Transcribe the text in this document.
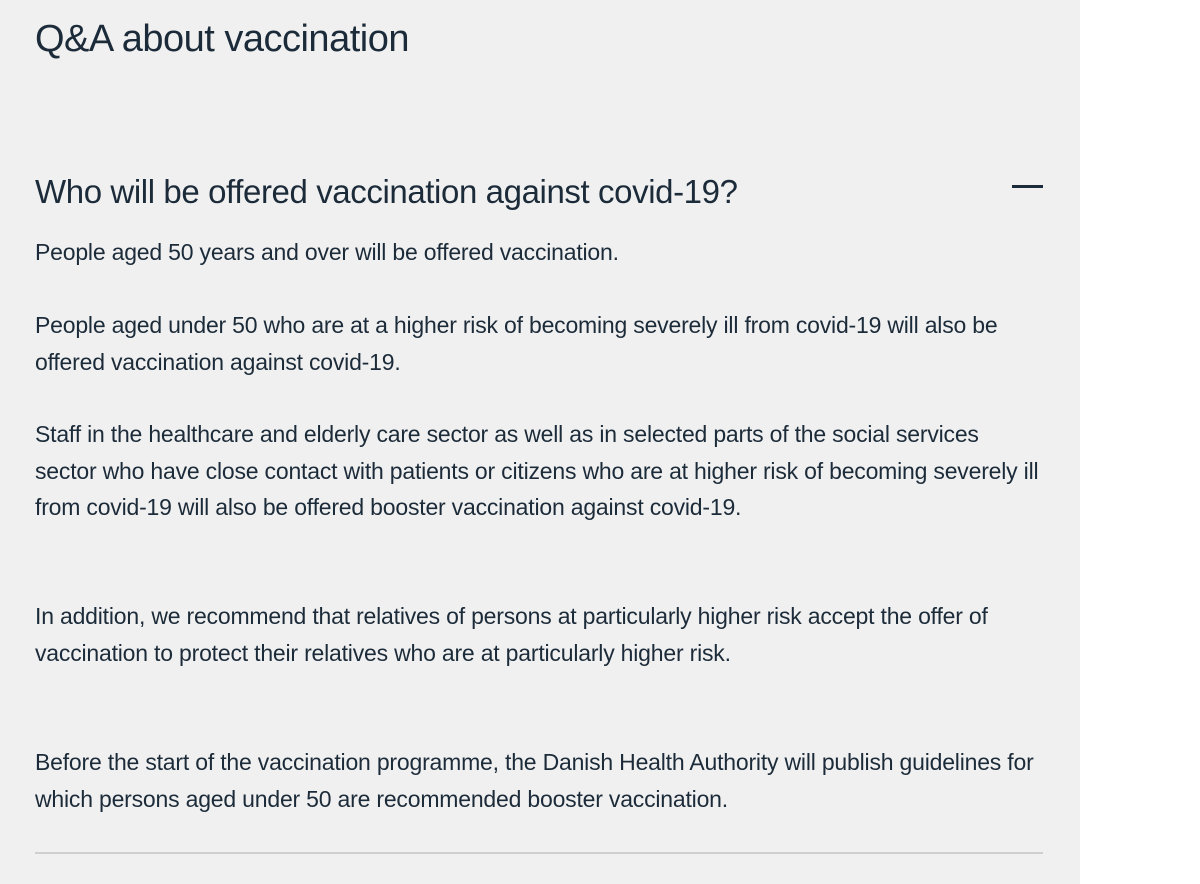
Q&A about vaccination
Who will be offered vaccination against covid-19?

People aged 50 years and over will be offered vaccination.

People aged under 50 who are at a higher risk of becoming severely ill from covid-19 will also be offered vaccination against covid-19.

Staff in the healthcare and elderly care sector as well as in selected parts of the social services sector who have close contact with patients or citizens who are at higher risk of becoming severely ill from covid-19 will also be offered booster vaccination against covid-19.

In addition, we recommend that relatives of persons at particularly higher risk accept the offer of vaccination to protect their relatives who are at particularly higher risk.

Before the start of the vaccination programme, the Danish Health Authority will publish guidelines for which persons aged under 50 are recommended booster vaccination.
